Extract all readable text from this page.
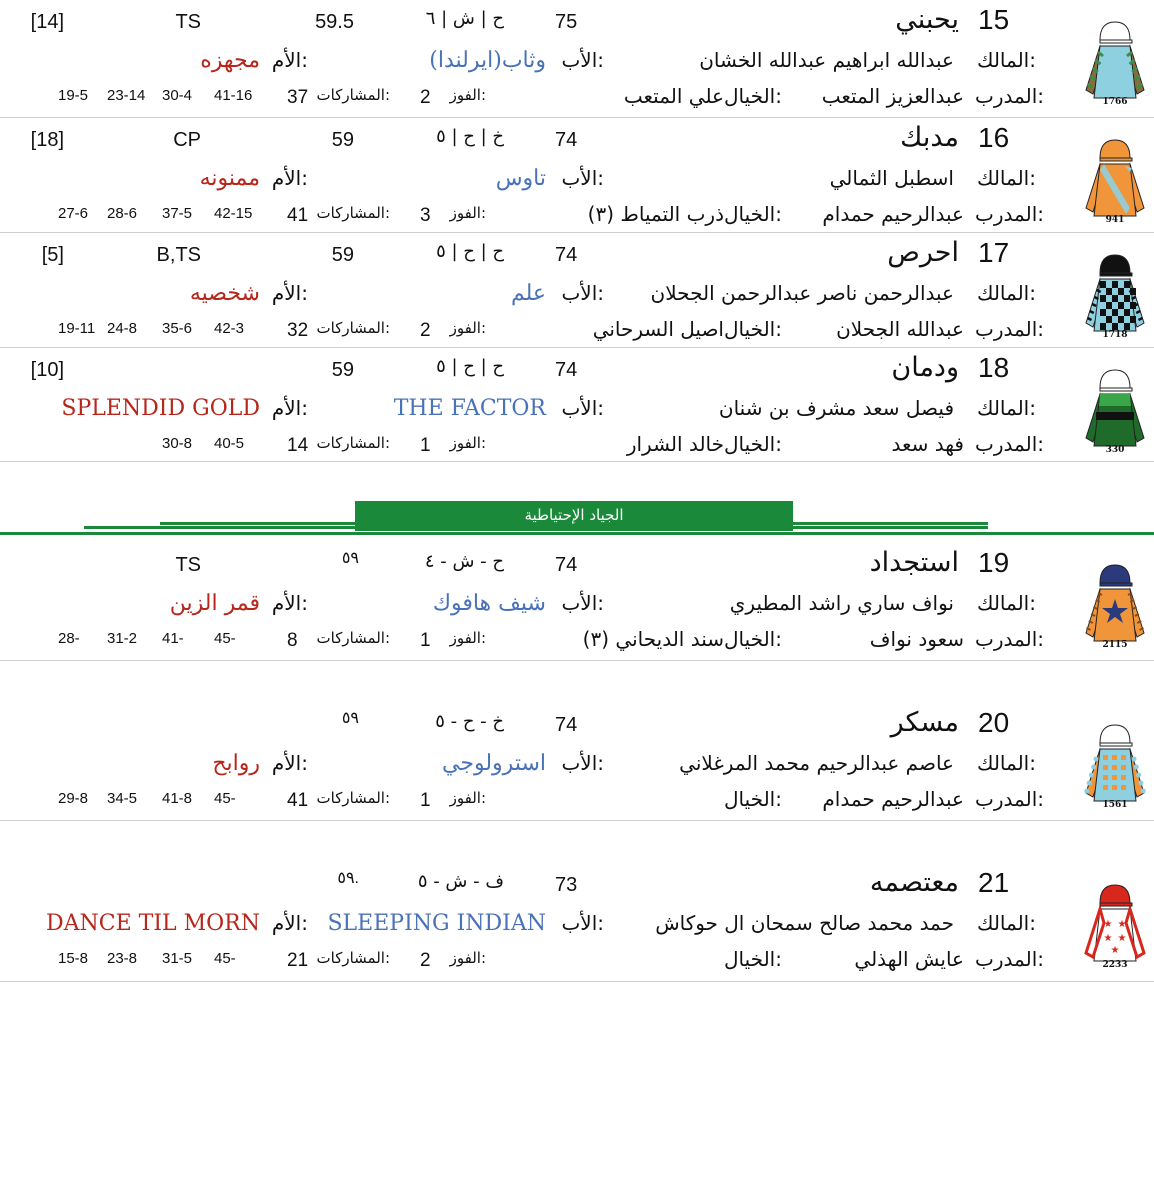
1766
15
يحبني
75
ح | ش | ٦
59.5
TS
[14]
المالك:
عبدالله ابراهيم عبدالله الخشان
الأب:
وثاب(ايرلندا)
الأم:
مجهزه
المدرب:
عبدالعزيز المتعب
الخيال:
علي المتعب
الفوز:
2
المشاركات:
37
41-16
30-4
23-14
19-5
941
16
مدبك
74
خ | ح | ٥
59
CP
[18]
المالك:
اسطبل الثمالي
الأب:
تاوس
الأم:
ممنونه
المدرب:
عبدالرحيم حمدام
الخيال:
ذرب التمياط (٣)
الفوز:
3
المشاركات:
41
42-15
37-5
28-6
27-6
1718
17
احرص
74
ح | ح | ٥
59
B,TS
[5]
المالك:
عبدالرحمن ناصر عبدالرحمن الجحلان
الأب:
علم
الأم:
شخصيه
المدرب:
عبدالله الجحلان
الخيال:
اصيل السرحاني
الفوز:
2
المشاركات:
32
42-3
35-6
24-8
19-11
330
18
ودمان
74
ح | ح | ٥
59
[10]
المالك:
فيصل سعد مشرف بن شنان
الأب:
THE FACTOR
الأم:
SPLENDID GOLD
المدرب:
فهد سعد
الخيال:
خالد الشرار
الفوز:
1
المشاركات:
14
40-5
30-8
2115
19
استجداد
74
ح - ش - ٤
٥٩
TS
المالك:
نواف ساري راشد المطيري
الأب:
شيف هافوك
الأم:
قمر الزين
المدرب:
سعود نواف
الخيال:
سند الديحاني (٣)
الفوز:
1
المشاركات:
8
45-
41-
31-2
28-
1561
20
مسكر
74
خ - ح - ٥
٥٩
المالك:
عاصم عبدالرحيم محمد المرغلاني
الأب:
استرولوجي
الأم:
روابح
المدرب:
عبدالرحيم حمدام
الخيال:
الفوز:
1
المشاركات:
41
45-
41-8
34-5
29-8
★ ★
★ ★
★
2233
21
معتصمه
73
ف - ش - ٥
٥٩.
المالك:
حمد محمد صالح سمحان ال حوكاش
الأب:
SLEEPING INDIAN
الأم:
DANCE TIL MORN
المدرب:
عايش الهذلي
الخيال:
الفوز:
2
المشاركات:
21
45-
31-5
23-8
15-8
الجياد الإحتياطية
